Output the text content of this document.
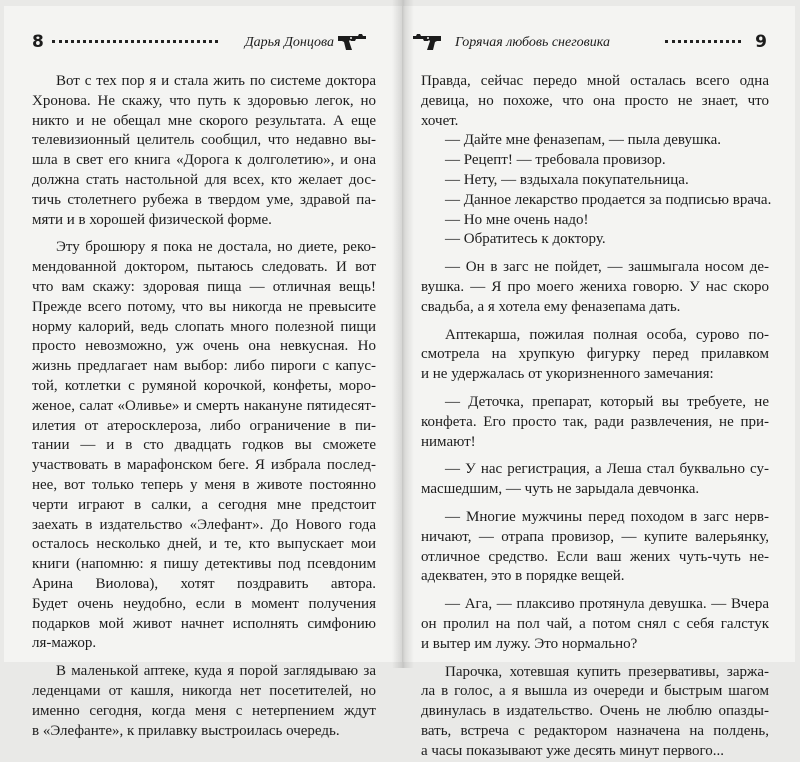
8	Дарья Донцова
Вот с тех пор я и стала жить по системе доктора
Хронова. Не скажу, что путь к здоровью легок, но
никто и не обещал мне скорого результата. А еще
телевизионный целитель сообщил, что недавно вы-
шла в свет его книга «Дорога к долголетию», и она
должна стать настольной для всех, кто желает дос-
тичь столетнего рубежа в твердом уме, здравой па-
мяти и в хорошей физической форме.
Эту брошюру я пока не достала, но диете, реко-
мендованной доктором, пытаюсь следовать. И вот
что вам скажу: здоровая пища — отличная вещь!
Прежде всего потому, что вы никогда не превысите
норму калорий, ведь слопать много полезной пищи
просто невозможно, уж очень она невкусная. Но
жизнь предлагает нам выбор: либо пироги с капус-
той, котлетки с румяной корочкой, конфеты, моро-
женое, салат «Оливье» и смерть накануне пятидесят-
илетия от атеросклероза, либо ограничение в пи-
тании — и в сто двадцать годков вы сможете
участвовать в марафонском беге. Я избрала послед-
нее, вот только теперь у меня в животе постоянно
черти играют в салки, а сегодня мне предстоит
заехать в издательство «Элефант». До Нового года
осталось несколько дней, и те, кто выпускает мои
книги (напомню: я пишу детективы под псевдоним
Арина Виолова), хотят поздравить автора.
Будет очень неудобно, если в момент получения
подарков мой живот начнет исполнять симфонию
ля-мажор.
В маленькой аптеке, куда я порой заглядываю за
леденцами от кашля, никогда нет посетителей, но
именно сегодня, когда меня с нетерпением ждут
в «Элефанте», к прилавку выстроилась очередь.
Горячая любовь снеговика	9
Правда, сейчас передо мной осталась всего одна
девица, но похоже, что она просто не знает, что
хочет.
— Дайте мне феназепам, — пыла девушка.
— Рецепт! — требовала провизор.
— Нету, — вздыхала покупательница.
— Данное лекарство продается за подписью врача.
— Но мне очень надо!
— Обратитесь к доктору.
— Он в загс не пойдет, — зашмыгала носом де-
вушка. — Я про моего жениха говорю. У нас скоро
свадьба, а я хотела ему феназепама дать.
Аптекарша, пожилая полная особа, сурово по-
смотрела на хрупкую фигурку перед прилавком
и не удержалась от укоризненного замечания:
— Деточка, препарат, который вы требуете, не
конфета. Его просто так, ради развлечения, не при-
нимают!
— У нас регистрация, а Леша стал буквально су-
масшедшим, — чуть не зарыдала девчонка.
— Многие мужчины перед походом в загс нерв-
ничают, — отрапа провизор, — купите валерьянку,
отличное средство. Если ваш жених чуть-чуть не-
адекватен, это в порядке вещей.
— Ага, — плаксиво протянула девушка. — Вчера
он пролил на пол чай, а потом снял с себя галстук
и вытер им лужу. Это нормально?
Парочка, хотевшая купить презервативы, заржа-
ла в голос, а я вышла из очереди и быстрым шагом
двинулась в издательство. Очень не люблю опазды-
вать, встреча с редактором назначена на полдень,
а часы показывают уже десять минут первого...
